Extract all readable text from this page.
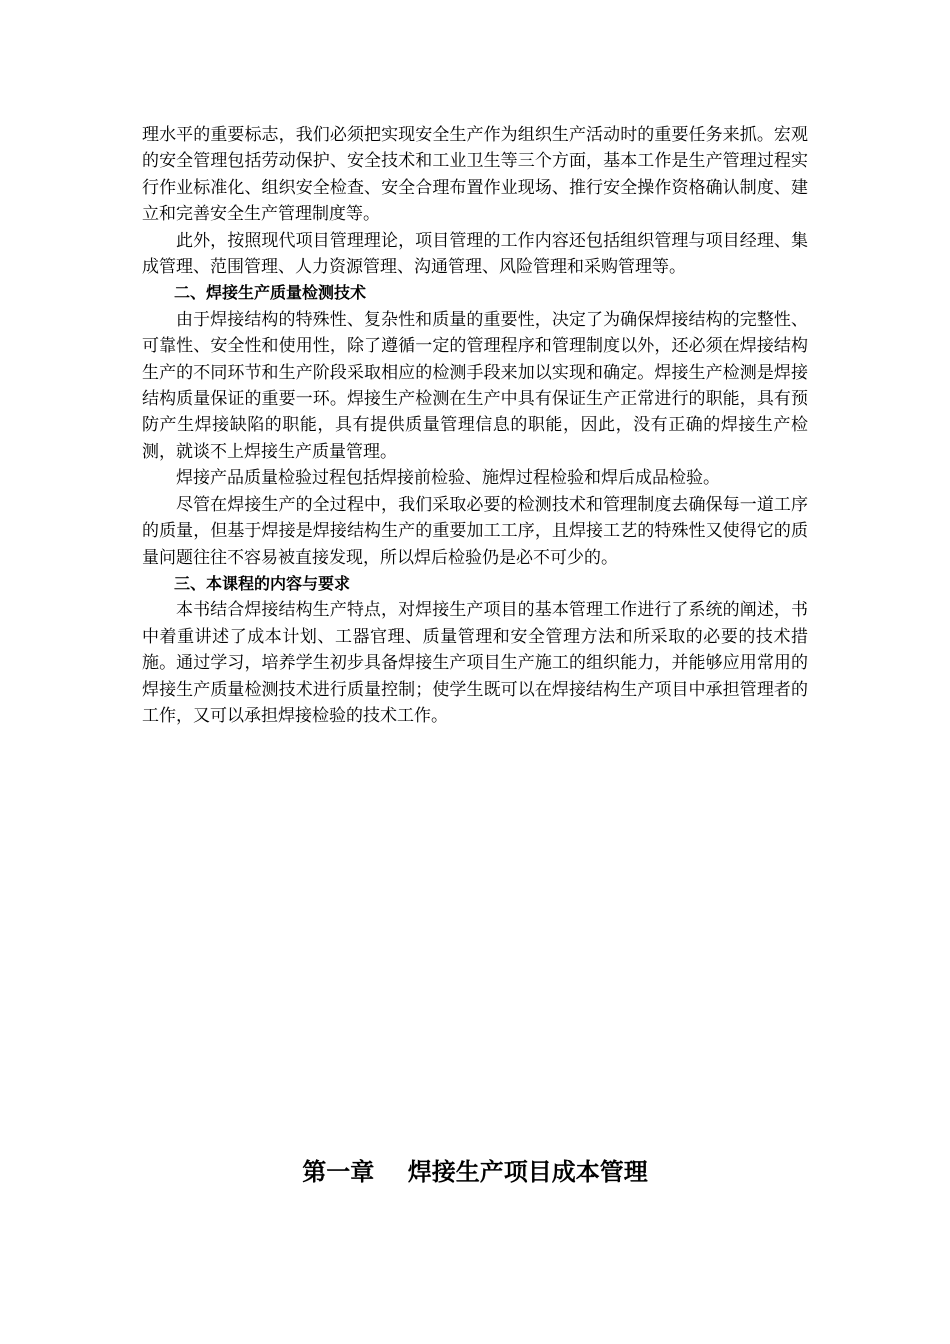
理水平的重要标志，我们必须把实现安全生产作为组织生产活动时的重要任务来抓。宏观的安全管理包括劳动保护、安全技术和工业卫生等三个方面，基本工作是生产管理过程实行作业标准化、组织安全检查、安全合理布置作业现场、推行安全操作资格确认制度、建立和完善安全生产管理制度等。

此外，按照现代项目管理理论，项目管理的工作内容还包括组织管理与项目经理、集成管理、范围管理、人力资源管理、沟通管理、风险管理和采购管理等。

二、焊接生产质量检测技术

由于焊接结构的特殊性、复杂性和质量的重要性，决定了为确保焊接结构的完整性、可靠性、安全性和使用性，除了遵循一定的管理程序和管理制度以外，还必须在焊接结构生产的不同环节和生产阶段采取相应的检测手段来加以实现和确定。焊接生产检测是焊接结构质量保证的重要一环。焊接生产检测在生产中具有保证生产正常进行的职能，具有预防产生焊接缺陷的职能，具有提供质量管理信息的职能，因此，没有正确的焊接生产检测，就谈不上焊接生产质量管理。

焊接产品质量检验过程包括焊接前检验、施焊过程检验和焊后成品检验。

尽管在焊接生产的全过程中，我们采取必要的检测技术和管理制度去确保每一道工序的质量，但基于焊接是焊接结构生产的重要加工工序，且焊接工艺的特殊性又使得它的质量问题往往不容易被直接发现，所以焊后检验仍是必不可少的。

三、本课程的内容与要求

本书结合焊接结构生产特点，对焊接生产项目的基本管理工作进行了系统的阐述，书中着重讲述了成本计划、工器官理、质量管理和安全管理方法和所采取的必要的技术措施。通过学习，培养学生初步具备焊接生产项目生产施工的组织能力，并能够应用常用的焊接生产质量检测技术进行质量控制；使学生既可以在焊接结构生产项目中承担管理者的工作，又可以承担焊接检验的技术工作。

第一章    焊接生产项目成本管理
